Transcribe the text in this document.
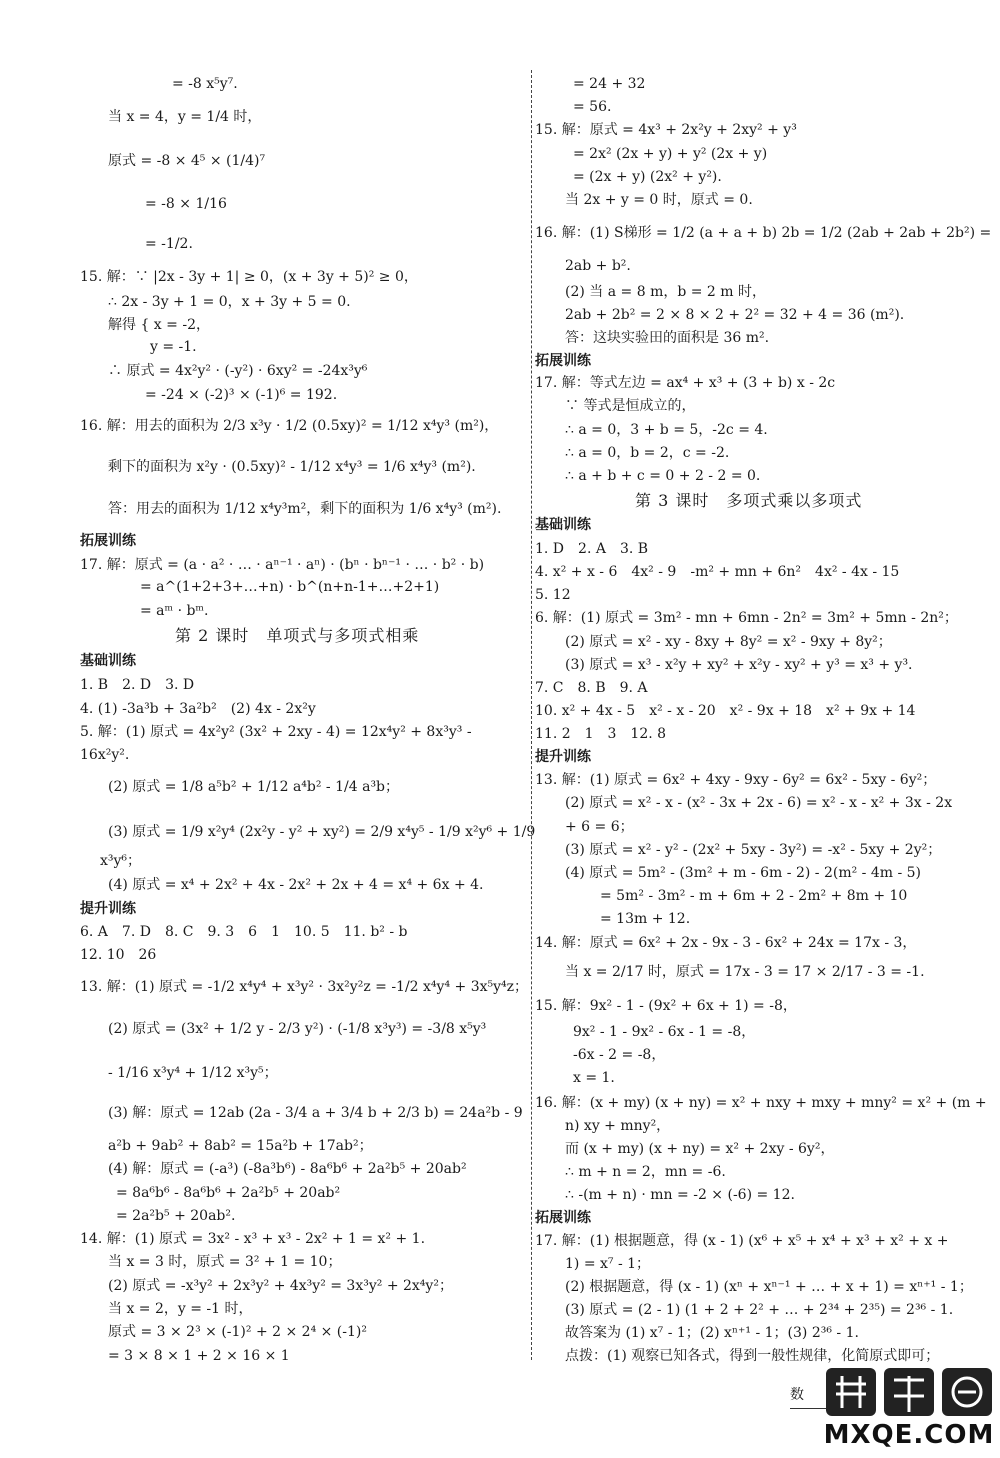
= -8 x⁵y⁷.
当 x = 4，y = 1/4 时，
原式 = -8 × 4⁵ × (1/4)⁷
= -8 × 1/16
= -1/2.
15. 解：∵ |2x - 3y + 1| ≥ 0，(x + 3y + 5)² ≥ 0，
∴ 2x - 3y + 1 = 0，x + 3y + 5 = 0.
解得 { x = -2，
y = -1.
∴ 原式 = 4x²y² · (-y²) · 6xy² = -24x³y⁶
= -24 × (-2)³ × (-1)⁶ = 192.
16. 解：用去的面积为 2/3 x³y · 1/2 (0.5xy)² = 1/12 x⁴y³ (m²)，
剩下的面积为 x²y · (0.5xy)² - 1/12 x⁴y³ = 1/6 x⁴y³ (m²).
答：用去的面积为 1/12 x⁴y³m²，剩下的面积为 1/6 x⁴y³ (m²).
拓展训练
17. 解：原式 = (a · a² · … · aⁿ⁻¹ · aⁿ) · (bⁿ · bⁿ⁻¹ · … · b² · b)
= a^(1+2+3+…+n) · b^(n+n-1+…+2+1)
= aᵐ · bᵐ.
第 2 课时　单项式与多项式相乘
基础训练
1. B　2. D　3. D
4. (1) -3a³b + 3a²b²　(2) 4x - 2x²y
5. 解：(1) 原式 = 4x²y² (3x² + 2xy - 4) = 12x⁴y² + 8x³y³ -
16x²y².
(2) 原式 = 1/8 a⁵b² + 1/12 a⁴b² - 1/4 a³b；
(3) 原式 = 1/9 x²y⁴ (2x²y - y² + xy²) = 2/9 x⁴y⁵ - 1/9 x²y⁶ + 1/9
x³y⁶；
(4) 原式 = x⁴ + 2x² + 4x - 2x² + 2x + 4 = x⁴ + 6x + 4.
提升训练
6. A　7. D　8. C　9. 3　6　1　10. 5　11. b² - b
12. 10　26
13. 解：(1) 原式 = -1/2 x⁴y⁴ + x³y² · 3x²y²z = -1/2 x⁴y⁴ + 3x⁵y⁴z；
(2) 原式 = (3x² + 1/2 y - 2/3 y²) · (-1/8 x³y³) = -3/8 x⁵y³
- 1/16 x³y⁴ + 1/12 x³y⁵；
(3) 解：原式 = 12ab (2a - 3/4 a + 3/4 b + 2/3 b) = 24a²b - 9
a²b + 9ab² + 8ab² = 15a²b + 17ab²；
(4) 解：原式 = (-a³) (-8a³b⁶) - 8a⁶b⁶ + 2a²b⁵ + 20ab²
= 8a⁶b⁶ - 8a⁶b⁶ + 2a²b⁵ + 20ab²
= 2a²b⁵ + 20ab².
14. 解：(1) 原式 = 3x² - x³ + x³ - 2x² + 1 = x² + 1.
当 x = 3 时，原式 = 3² + 1 = 10；
(2) 原式 = -x³y² + 2x³y² + 4x³y² = 3x³y² + 2x⁴y²；
当 x = 2，y = -1 时，
原式 = 3 × 2³ × (-1)² + 2 × 2⁴ × (-1)²
= 3 × 8 × 1 + 2 × 16 × 1
= 24 + 32
= 56.
15. 解：原式 = 4x³ + 2x²y + 2xy² + y³
= 2x² (2x + y) + y² (2x + y)
= (2x + y) (2x² + y²).
当 2x + y = 0 时，原式 = 0.
16. 解：(1) S梯形 = 1/2 (a + a + b) 2b = 1/2 (2ab + 2ab + 2b²) =
2ab + b².
(2) 当 a = 8 m，b = 2 m 时，
2ab + 2b² = 2 × 8 × 2 + 2² = 32 + 4 = 36 (m²).
答：这块实验田的面积是 36 m².
拓展训练
17. 解：等式左边 = ax⁴ + x³ + (3 + b) x - 2c
∵ 等式是恒成立的，
∴ a = 0，3 + b = 5，-2c = 4.
∴ a = 0，b = 2，c = -2.
∴ a + b + c = 0 + 2 - 2 = 0.
第 3 课时　多项式乘以多项式
基础训练
1. D　2. A　3. B
4. x² + x - 6　4x² - 9　-m² + mn + 6n²　4x² - 4x - 15
5. 12
6. 解：(1) 原式 = 3m² - mn + 6mn - 2n² = 3m² + 5mn - 2n²；
(2) 原式 = x² - xy - 8xy + 8y² = x² - 9xy + 8y²；
(3) 原式 = x³ - x²y + xy² + x²y - xy² + y³ = x³ + y³.
7. C　8. B　9. A
10. x² + 4x - 5　x² - x - 20　x² - 9x + 18　x² + 9x + 14
11. 2　1　3　12. 8
提升训练
13. 解：(1) 原式 = 6x² + 4xy - 9xy - 6y² = 6x² - 5xy - 6y²；
(2) 原式 = x² - x - (x² - 3x + 2x - 6) = x² - x - x² + 3x - 2x
+ 6 = 6；
(3) 原式 = x² - y² - (2x² + 5xy - 3y²) = -x² - 5xy + 2y²；
(4) 原式 = 5m² - (3m² + m - 6m - 2) - 2(m² - 4m - 5)
= 5m² - 3m² - m + 6m + 2 - 2m² + 8m + 10
= 13m + 12.
14. 解：原式 = 6x² + 2x - 9x - 3 - 6x² + 24x = 17x - 3，
当 x = 2/17 时，原式 = 17x - 3 = 17 × 2/17 - 3 = -1.
15. 解：9x² - 1 - (9x² + 6x + 1) = -8，
9x² - 1 - 9x² - 6x - 1 = -8，
-6x - 2 = -8，
x = 1.
16. 解：(x + my) (x + ny) = x² + nxy + mxy + mny² = x² + (m +
n) xy + mny²，
而 (x + my) (x + ny) = x² + 2xy - 6y²，
∴ m + n = 2，mn = -6.
∴ -(m + n) · mn = -2 × (-6) = 12.
拓展训练
17. 解：(1) 根据题意，得 (x - 1) (x⁶ + x⁵ + x⁴ + x³ + x² + x +
1) = x⁷ - 1；
(2) 根据题意，得 (x - 1) (xⁿ + xⁿ⁻¹ + … + x + 1) = xⁿ⁺¹ - 1；
(3) 原式 = (2 - 1) (1 + 2 + 2² + … + 2³⁴ + 2³⁵) = 2³⁶ - 1.
故答案为 (1) x⁷ - 1；(2) xⁿ⁺¹ - 1；(3) 2³⁶ - 1.
点拨：(1) 观察已知各式，得到一般性规律，化简原式即可；
数
MXQE.COM
